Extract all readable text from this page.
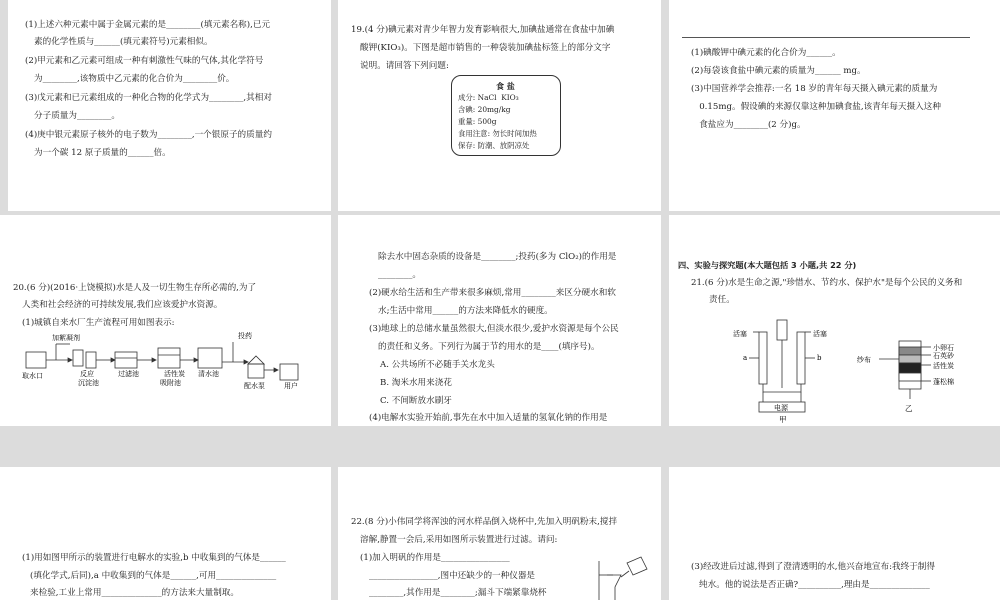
(1)上述六种元素中属于金属元素的是________(填元素名称),已元
素的化学性质与______(填元素符号)元素相似。
(2)甲元素和乙元素可组成一种有刺激性气味的气体,其化学符号
为________,该物质中乙元素的化合价为________价。
(3)戊元素和已元素组成的一种化合物的化学式为________,其相对
分子质量为________。
(4)庚中银元素原子核外的电子数为________,一个银原子的质量约
为一个碳 12 原子质量的______倍。
19.(4 分)碘元素对青少年智力发育影响很大,加碘盐通常在食盐中加碘
酸钾(KIO₃)。下图是超市销售的一种袋装加碘盐标签上的部分文字
说明。请回答下列问题:
食 盐
成分: NaCl  KIO₃
含碘: 20mg/kg
重量: 500g
食用注意: 勿长时间加热
保存: 防潮、放阴凉处
(1)碘酸钾中碘元素的化合价为______。
(2)每袋该食盐中碘元素的质量为______ mg。
(3)中国营养学会推荐:一名 18 岁的青年每天摄入碘元素的质量为
0.15mg。假设碘的来源仅靠这种加碘食盐,该青年每天摄入这种
食盐应为________(2 分)g。
20.(6 分)(2016·上饶模拟)水是人及一切生物生存所必需的,为了
人类和社会经济的可持续发展,我们应该爱护水资源。
(1)城镇自来水厂生产流程可用如图表示:
加絮凝剂
取水口	反应
沉淀池
过滤池	活性炭
吸附池
清水池
投药
配水泵	用户
除去水中固态杂质的设备是________;投药(多为 ClO₂)的作用是
________。
(2)硬水给生活和生产带来很多麻烦,常用________来区分硬水和软
水;生活中常用______的方法来降低水的硬度。
(3)地球上的总储水量虽然很大,但淡水很少,爱护水资源是每个公民
的责任和义务。下列行为属于节约用水的是____(填序号)。
A. 公共场所不必随手关水龙头
B. 淘米水用来浇花
C. 不间断放水刷牙
(4)电解水实验开始前,事先在水中加入适量的氢氧化钠的作用是
四、实验与探究题(本大题包括 3 小题,共 22 分)
21.(6 分)水是生命之源,"珍惜水、节约水、保护水"是每个公民的义务和
责任。
活塞	活塞
a	b
电源
甲
纱布
小卵石
石英砂
活性炭
蓬松棉
乙
(1)用如图甲所示的装置进行电解水的实验,b 中收集到的气体是______
(填化学式,后同),a 中收集到的气体是______,可用______________
来检验,工业上常用______________的方法来大量制取。
22.(8 分)小伟同学将浑浊的河水样品倒入烧杯中,先加入明矾粉末,搅拌
溶解,静置一会后,采用如图所示装置进行过滤。请问:
(1)加入明矾的作用是________________
________________,图中还缺少的一种仪器是
________,其作用是________;漏斗下端紧靠烧杯
(3)经改进后过滤,得到了澄清透明的水,他兴奋地宣布:我终于制得
纯水。他的说法是否正确?__________,理由是______________
